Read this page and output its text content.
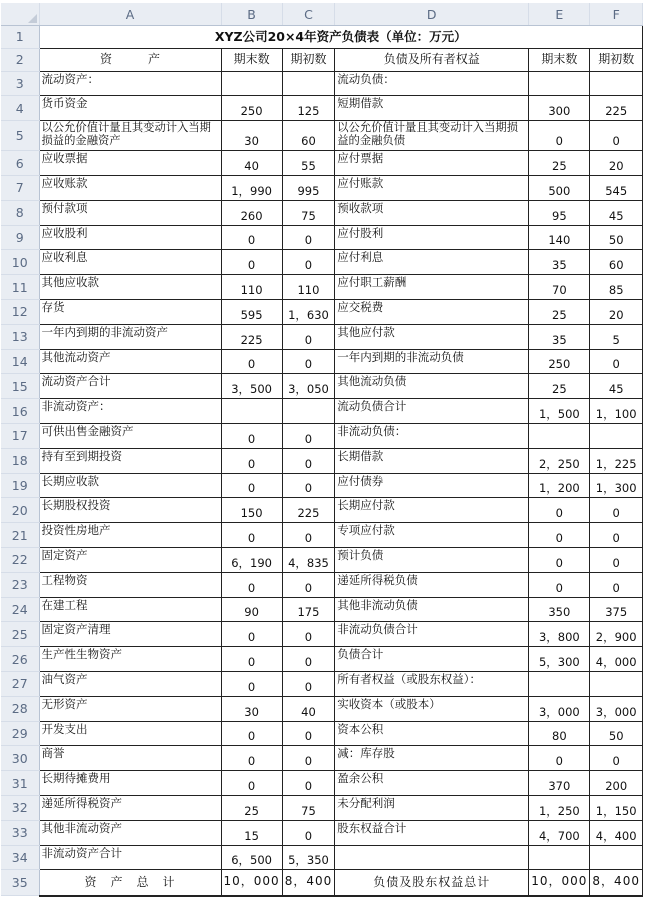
	A	B	C	D	E	F
1	XYZ公司20×4年资产负债表（单位：万元）					
2	资　　　产	期末数	期初数	负债及所有者权益	期末数	期初数
3	流动资产：			流动负债：		
4	货币资金	250	125	短期借款	300	225
5	以公允价值计量且其变动计入当期损益的金融资产	30	60	以公允价值计量且其变动计入当期损益的金融负债	0	0
6	应收票据	40	55	应付票据	25	20
7	应收账款	1，990	995	应付账款	500	545
8	预付款项	260	75	预收款项	95	45
9	应收股利	0	0	应付股利	140	50
10	应收利息	0	0	应付利息	35	60
11	其他应收款	110	110	应付职工薪酬	70	85
12	存货	595	1，630	应交税费	25	20
13	一年内到期的非流动资产	225	0	其他应付款	35	5
14	其他流动资产	0	0	一年内到期的非流动负债	250	0
15	流动资产合计	3，500	3，050	其他流动负债	25	45
16	非流动资产：			流动负债合计	1，500	1，100
17	可供出售金融资产	0	0	非流动负债：		
18	持有至到期投资	0	0	长期借款	2，250	1，225
19	长期应收款	0	0	应付债券	1，200	1，300
20	长期股权投资	150	225	长期应付款	0	0
21	投资性房地产	0	0	专项应付款	0	0
22	固定资产	6，190	4，835	预计负债	0	0
23	工程物资	0	0	递延所得税负债	0	0
24	在建工程	90	175	其他非流动负债	350	375
25	固定资产清理	0	0	非流动负债合计	3，800	2，900
26	生产性生物资产	0	0	负债合计	5，300	4，000
27	油气资产	0	0	所有者权益（或股东权益）：		
28	无形资产	30	40	实收资本（或股本）	3，000	3，000
29	开发支出	0	0	资本公积	80	50
30	商誉	0	0	减：库存股	0	0
31	长期待摊费用	0	0	盈余公积	370	200
32	递延所得税资产	25	75	未分配利润	1，250	1，150
33	其他非流动资产	15	0	股东权益合计	4，700	4，400
34	非流动资产合计	6，500	5，350			
35	资　产　总　计	10，000	8，400	负债及股东权益总计	10，000	8，400
